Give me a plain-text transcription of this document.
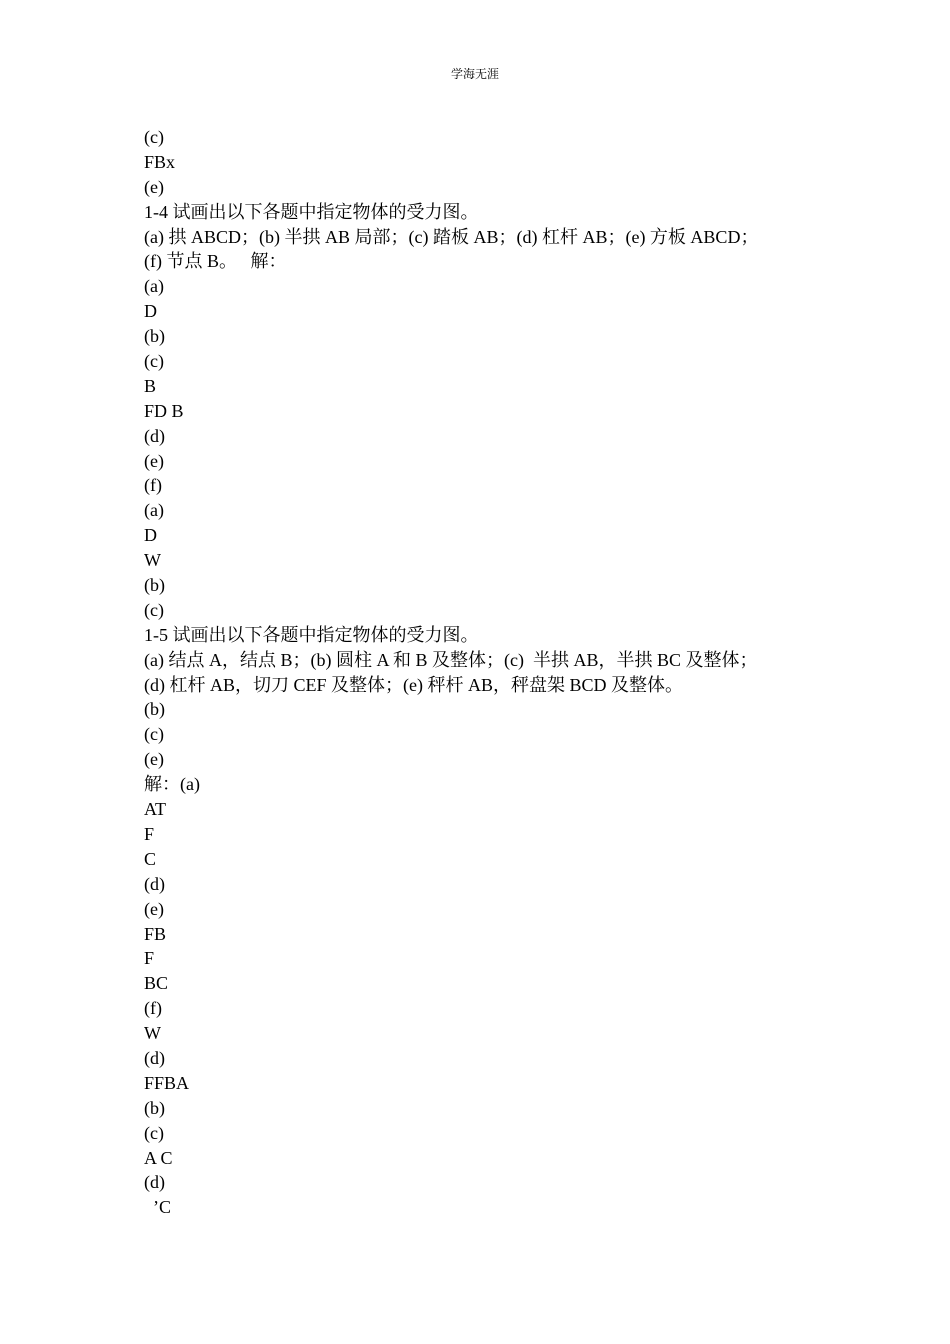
学海无涯
(c)
FBx
(e)
1-4 试画出以下各题中指定物体的受力图。
(a) 拱 ABCD；(b) 半拱 AB 局部；(c) 踏板 AB；(d) 杠杆 AB；(e) 方板 ABCD；
(f) 节点 B。   解：
(a)
D
(b)
(c)
B
FD B
(d)
(e)
(f)
(a)
D
W
(b)
(c)
1-5 试画出以下各题中指定物体的受力图。
(a) 结点 A，结点 B；(b) 圆柱 A 和 B 及整体；(c)  半拱 AB，半拱 BC 及整体；
(d) 杠杆 AB，切刀 CEF 及整体；(e) 秤杆 AB，秤盘架 BCD 及整体。
(b)
(c)
(e)
解：(a)
AT
F
C
(d)
(e)
FB
F
BC
(f)
W
(d)
FFBA
(b)
(c)
A C
(d)
’C
